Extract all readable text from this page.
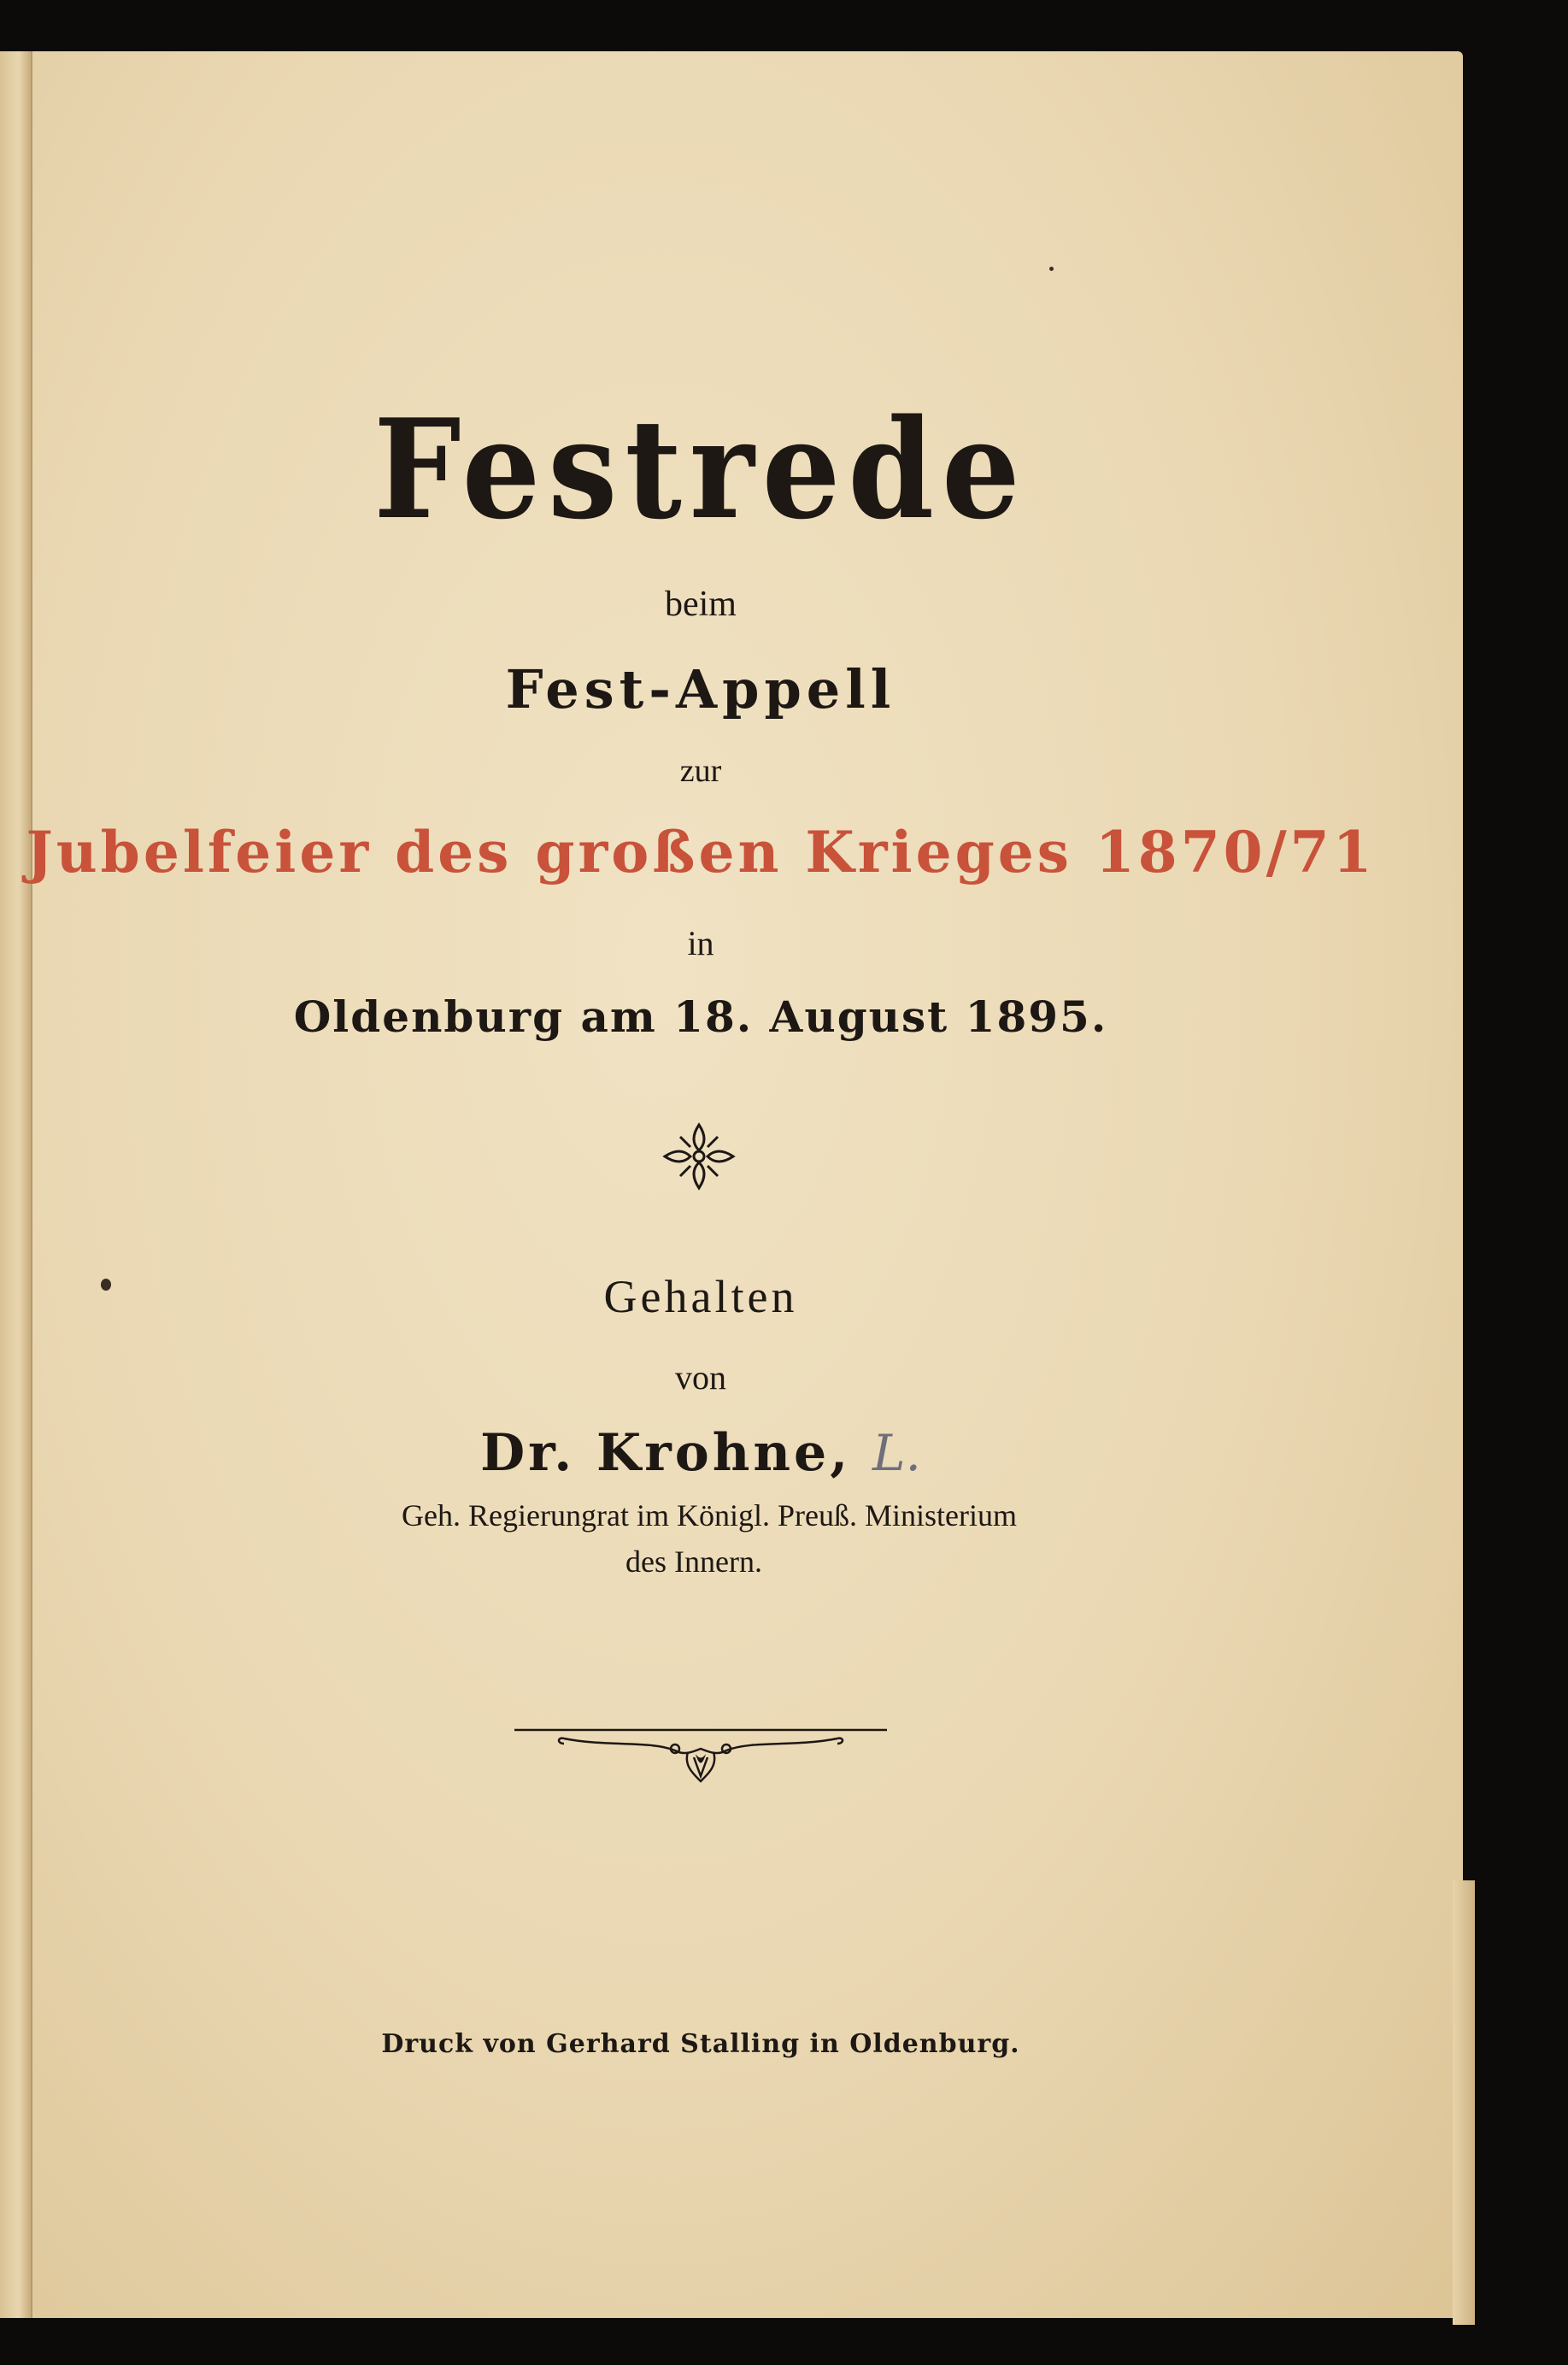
Festrede
beim
Fest-Appell
zur
Jubelfeier des großen Krieges 1870/71
in
Oldenburg am 18. August 1895.
Gehalten
von
Dr. Krohne, L.
Geh. Regierungrat im Königl. Preuß. Ministerium
des Innern.
Druck von Gerhard Stalling in Oldenburg.
